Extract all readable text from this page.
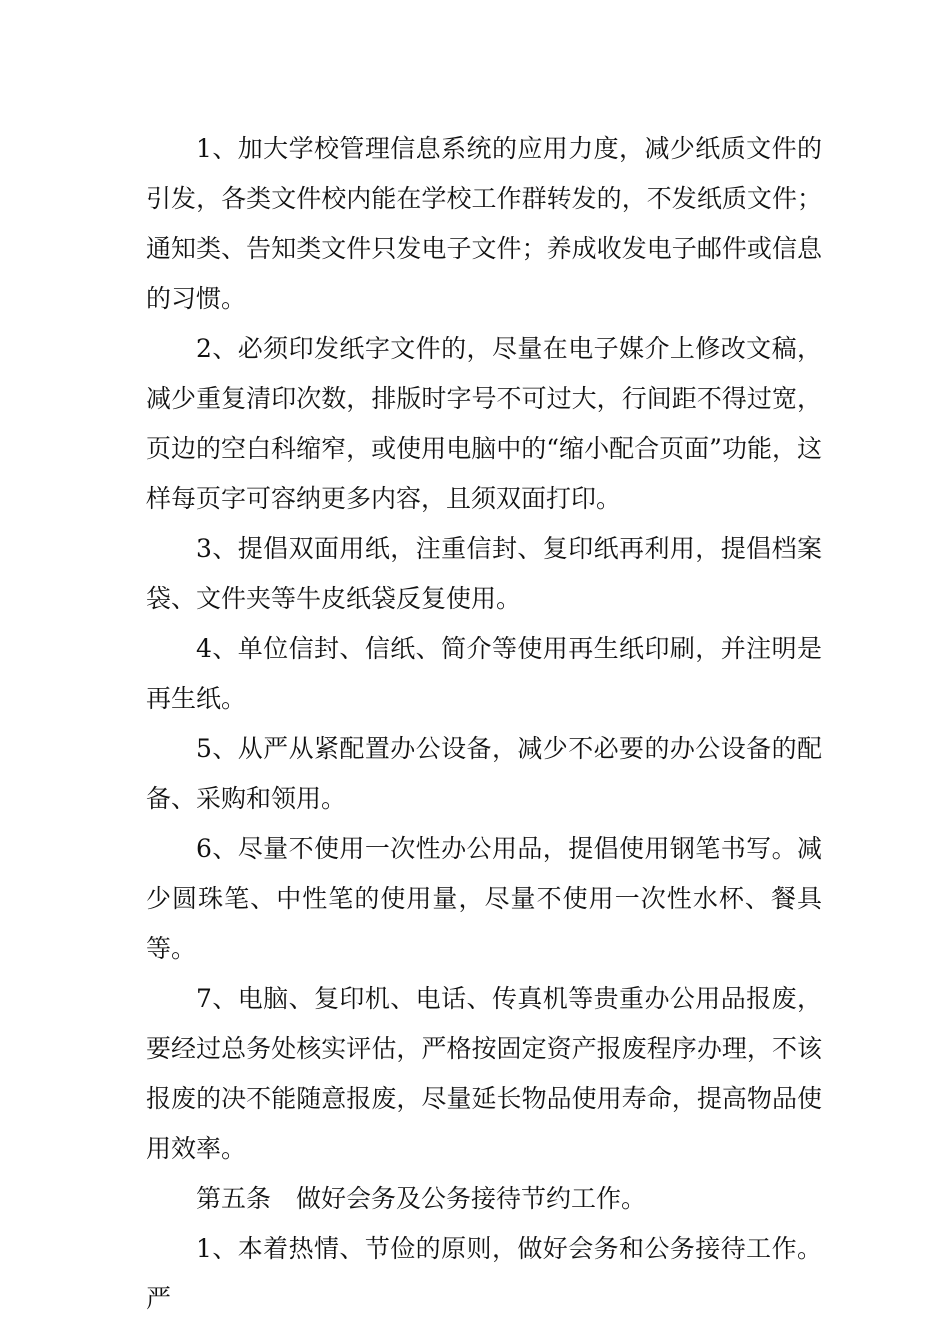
1、加大学校管理信息系统的应用力度，减少纸质文件的引发，各类文件校内能在学校工作群转发的，不发纸质文件；通知类、告知类文件只发电子文件；养成收发电子邮件或信息的习惯。

2、必须印发纸字文件的，尽量在电子媒介上修改文稿，减少重复清印次数，排版时字号不可过大，行间距不得过宽，页边的空白科缩窄，或使用电脑中的“缩小配合页面”功能，这样每页字可容纳更多内容，且须双面打印。

3、提倡双面用纸，注重信封、复印纸再利用，提倡档案袋、文件夹等牛皮纸袋反复使用。

4、单位信封、信纸、简介等使用再生纸印刷，并注明是再生纸。

5、从严从紧配置办公设备，减少不必要的办公设备的配备、采购和领用。

6、尽量不使用一次性办公用品，提倡使用钢笔书写。减少圆珠笔、中性笔的使用量，尽量不使用一次性水杯、餐具等。

7、电脑、复印机、电话、传真机等贵重办公用品报废，要经过总务处核实评估，严格按固定资产报废程序办理，不该报废的决不能随意报废，尽量延长物品使用寿命，提高物品使用效率。

第五条　做好会务及公务接待节约工作。

1、本着热情、节俭的原则，做好会务和公务接待工作。严
